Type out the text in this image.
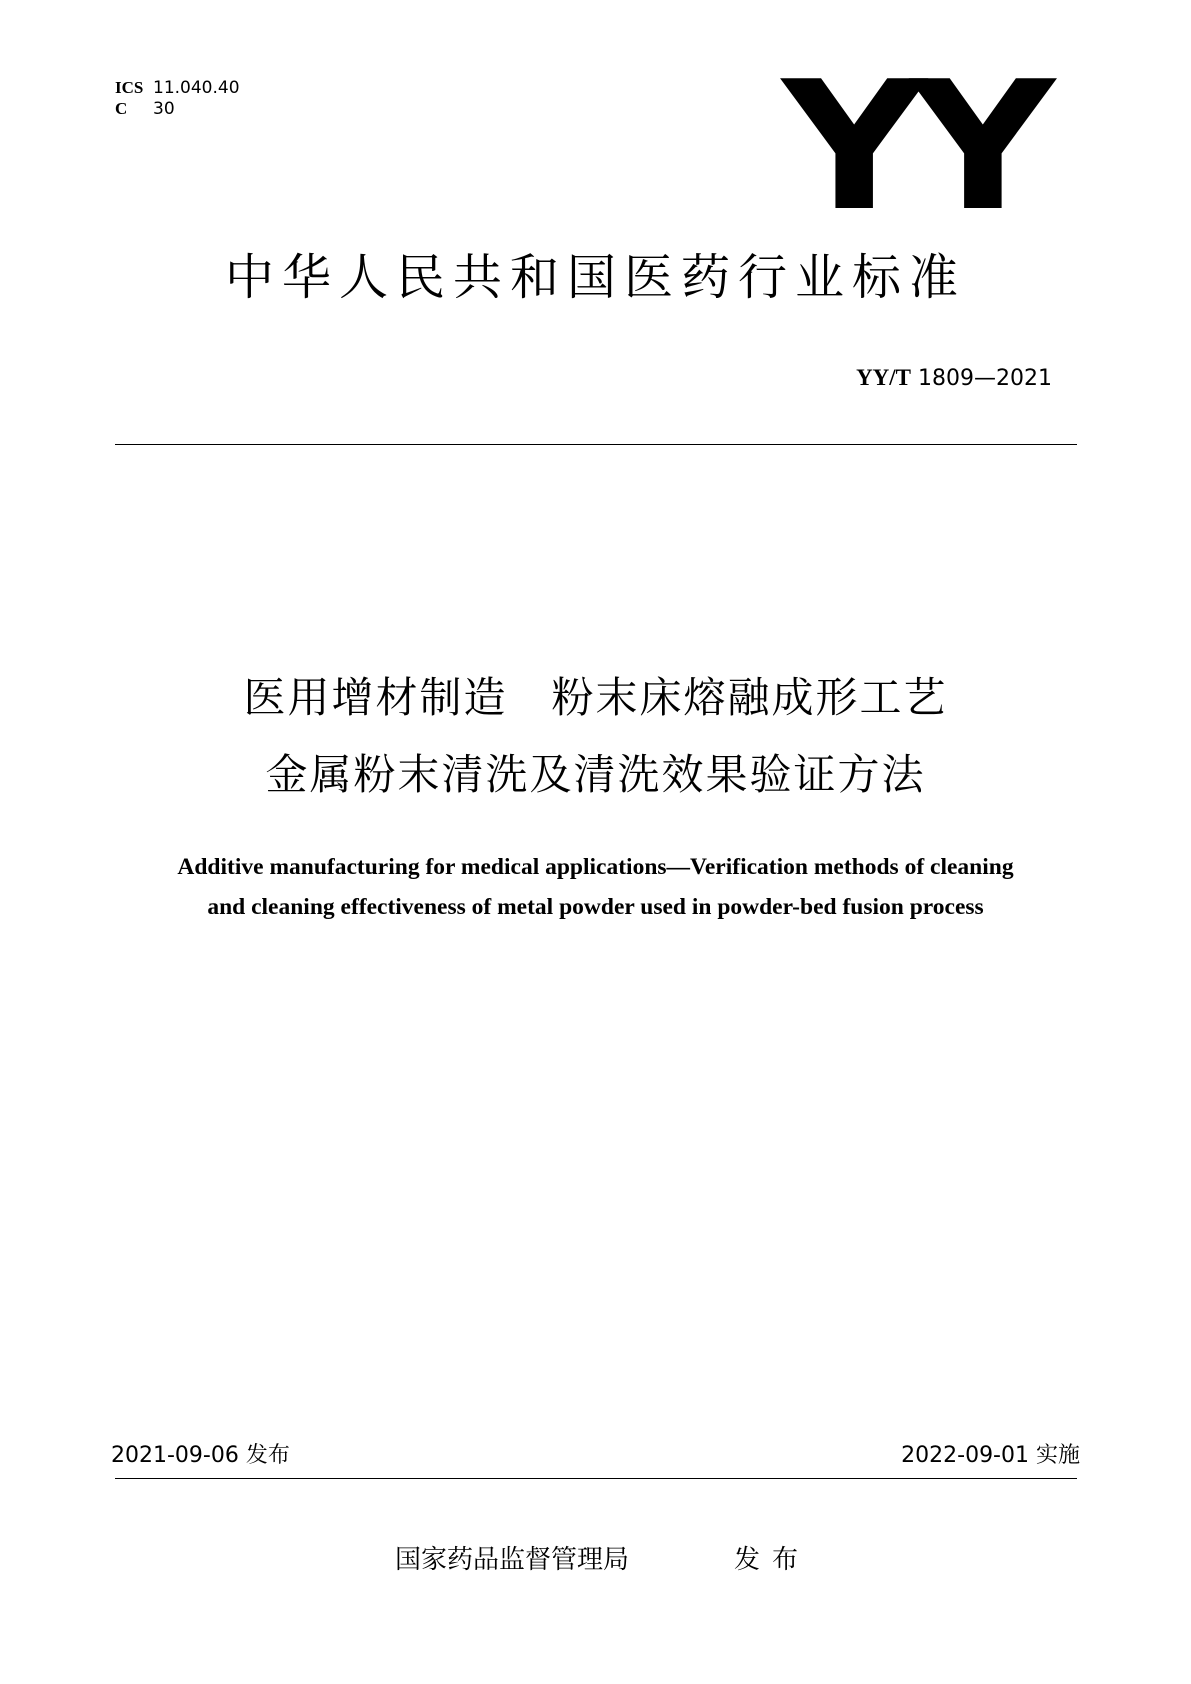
ICS 11.040.40
C 30	YY
中华人民共和国医药行业标准
YY/T 1809—2021
医用增材制造　粉末床熔融成形工艺
金属粉末清洗及清洗效果验证方法
Additive manufacturing for medical applications—Verification methods of cleaning
and cleaning effectiveness of metal powder used in powder-bed fusion process
2021-09-06 发布	2022-09-01 实施
国家药品监督管理局	发布
